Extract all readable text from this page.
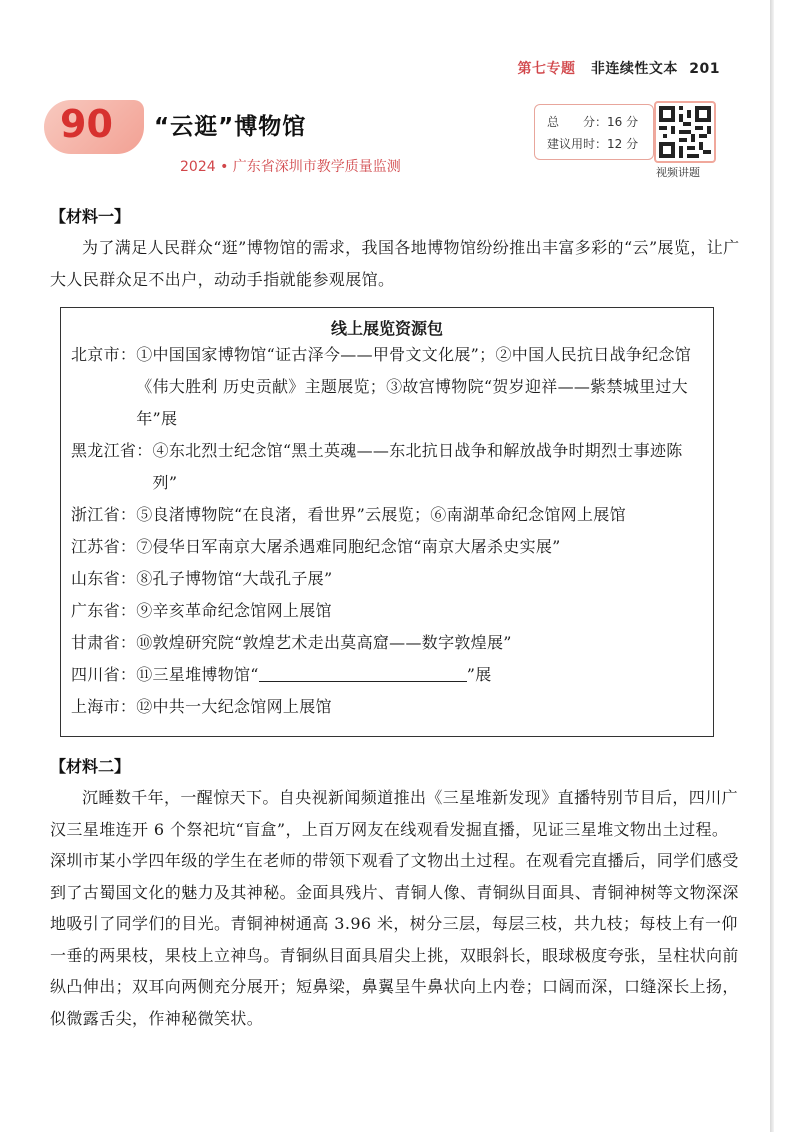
第七专题 非连续性文本 201
90 “云逛”博物馆
2024 • 广东省深圳市教学质量监测
总　　分：16 分
建议用时：12 分
视频讲题
【材料一】

为了满足人民群众“逛”博物馆的需求，我国各地博物馆纷纷推出丰富多彩的“云”展览，让广大人民群众足不出户，动动手指就能参观展馆。

线上展览资源包
北京市： ①中国国家博物馆“证古泽今——甲骨文文化展”；②中国人民抗日战争纪念馆《伟大胜利 历史贡献》主题展览；③故宫博物院“贺岁迎祥——紫禁城里过大年”展
黑龙江省： ④东北烈士纪念馆“黑土英魂——东北抗日战争和解放战争时期烈士事迹陈列”
浙江省： ⑤良渚博物院“在良渚，看世界”云展览；⑥南湖革命纪念馆网上展馆
江苏省： ⑦侵华日军南京大屠杀遇难同胞纪念馆“南京大屠杀史实展”
山东省： ⑧孔子博物馆“大哉孔子展”
广东省： ⑨辛亥革命纪念馆网上展馆
甘肃省： ⑩敦煌研究院“敦煌艺术走出莫高窟——数字敦煌展”
四川省： ⑪三星堆博物馆“	”展
上海市： ⑫中共一大纪念馆网上展馆
【材料二】

沉睡数千年，一醒惊天下。自央视新闻频道推出《三星堆新发现》直播特别节目后，四川广汉三星堆连开 6 个祭祀坑“盲盒”，上百万网友在线观看发掘直播，见证三星堆文物出土过程。深圳市某小学四年级的学生在老师的带领下观看了文物出土过程。在观看完直播后，同学们感受到了古蜀国文化的魅力及其神秘。金面具残片、青铜人像、青铜纵目面具、青铜神树等文物深深地吸引了同学们的目光。青铜神树通高 3.96 米，树分三层，每层三枝，共九枝；每枝上有一仰一垂的两果枝，果枝上立神鸟。青铜纵目面具眉尖上挑，双眼斜长，眼球极度夸张，呈柱状向前纵凸伸出；双耳向两侧充分展开；短鼻梁，鼻翼呈牛鼻状向上内卷；口阔而深，口缝深长上扬，似微露舌尖，作神秘微笑状。
